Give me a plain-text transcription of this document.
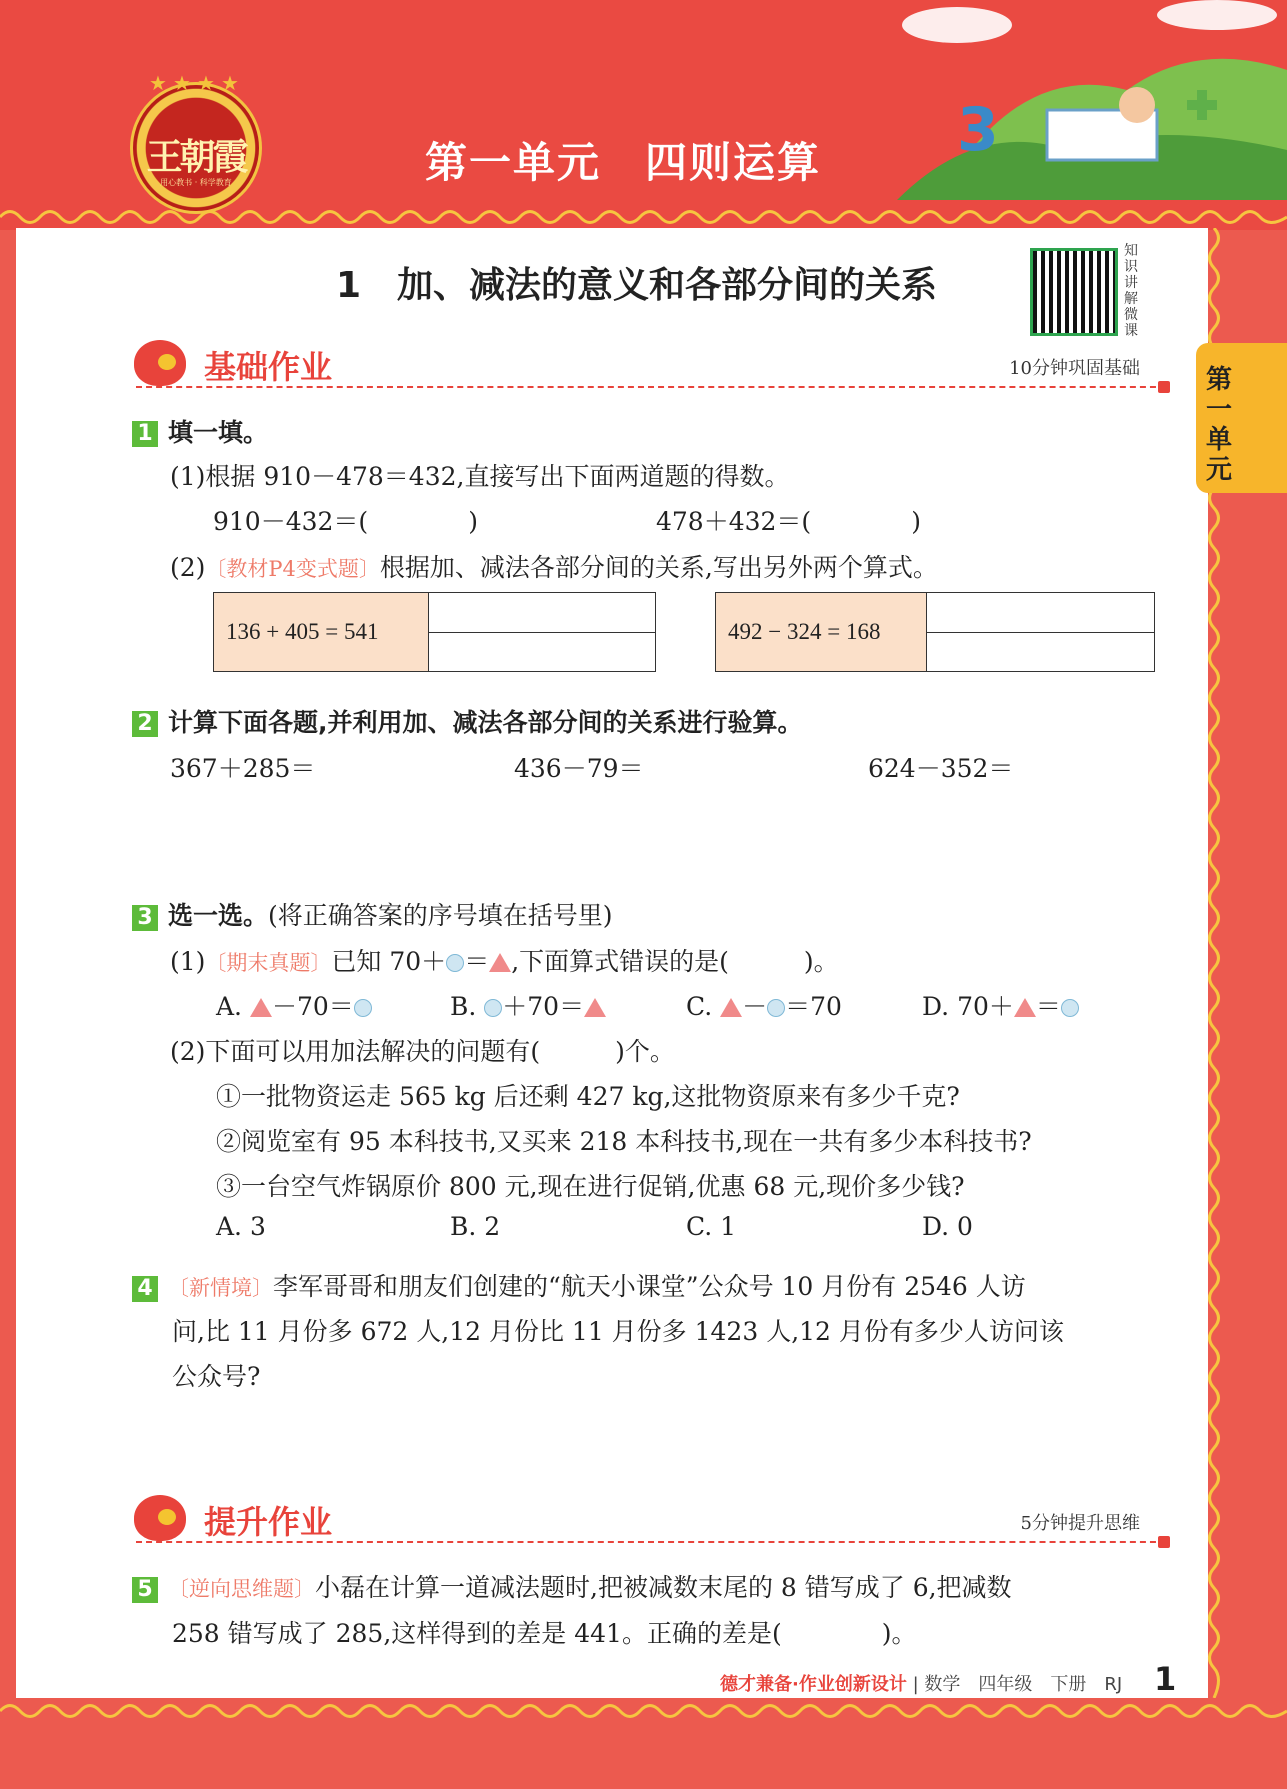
3
★ ★ ★ ★
王朝霞
用心教书 · 科学教育	第一单元　四则运算
第一单元
1　加、减法的意义和各部分间的关系
知识讲解微课
基础作业	10分钟巩固基础
1 填一填。
(1)根据 910－478＝432,直接写出下面两道题的得数。
910－432＝(　　　　)	478＋432＝(　　　　)
(2)〔教材P4变式题〕根据加、减法各部分间的关系,写出另外两个算式。
136 + 405 = 541	492 − 324 = 168
2 计算下面各题,并利用加、减法各部分间的关系进行验算。
367＋285＝	436－79＝	624－352＝
3 选一选。(将正确答案的序号填在括号里)
(1)〔期末真题〕已知 70＋ ＝ ,下面算式错误的是(　　　)。
A. －70＝	B. ＋70＝	C. － ＝70	D. 70＋ ＝
(2)下面可以用加法解决的问题有(　　　)个。
①一批物资运走 565 kg 后还剩 427 kg,这批物资原来有多少千克?
②阅览室有 95 本科技书,又买来 218 本科技书,现在一共有多少本科技书?
③一台空气炸锅原价 800 元,现在进行促销,优惠 68 元,现价多少钱?
A. 3	B. 2	C. 1	D. 0
4 〔新情境〕李军哥哥和朋友们创建的“航天小课堂”公众号 10 月份有 2546 人访
问,比 11 月份多 672 人,12 月份比 11 月份多 1423 人,12 月份有多少人访问该
公众号?
提升作业	5分钟提升思维
5 〔逆向思维题〕小磊在计算一道减法题时,把被减数末尾的 8 错写成了 6,把减数
258 错写成了 285,这样得到的差是 441。正确的差是(　　　　)。
德才兼备·作业创新设计 | 数学　四年级　下册　RJ 1
